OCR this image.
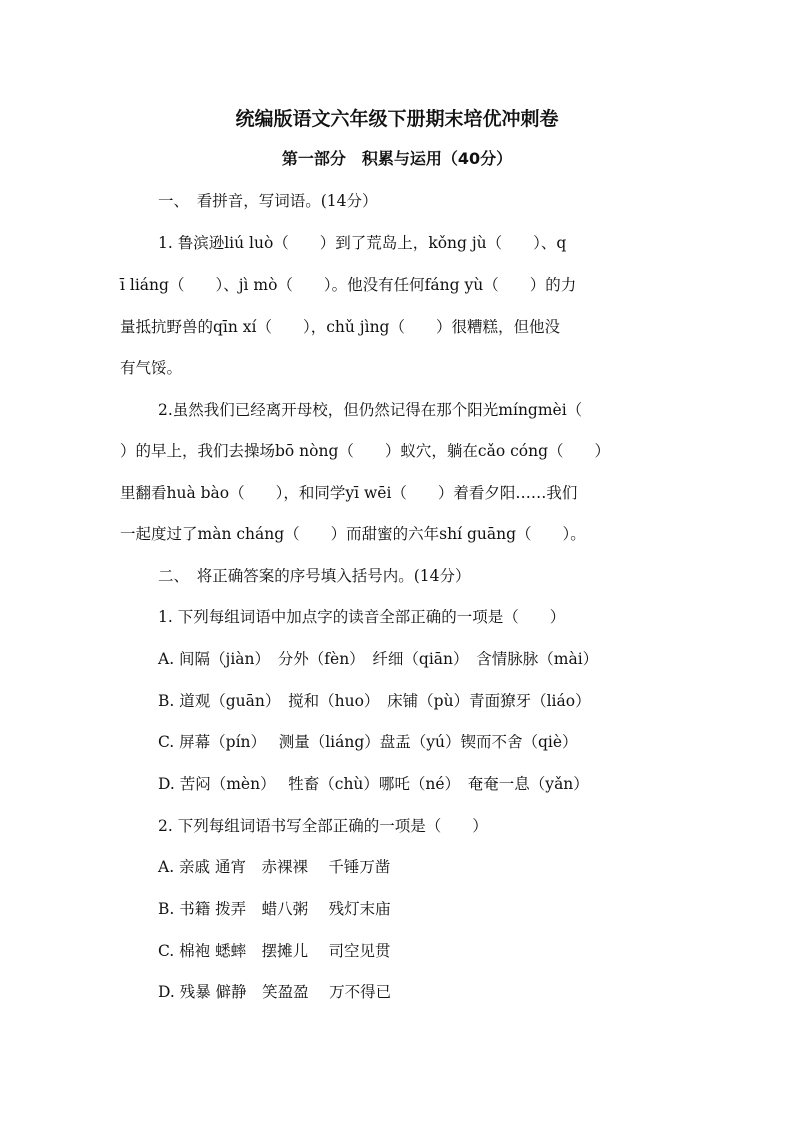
统编版语文六年级下册期末培优冲刺卷
第一部分　积累与运用（40分）
一、　看拼音，写词语。(14分）
1. 鲁滨逊liú luò（　　）到了荒岛上，kǒng jù（　　）、q
ī liáng（　　）、jì mò（　　）。他没有任何fáng yù（　　）的力
量抵抗野兽的qīn xí（　　），chǔ jìng（　　）很糟糕，但他没
有气馁。
2.虽然我们已经离开母校，但仍然记得在那个阳光míngmèi（
）的早上，我们去操场bō nòng（　　）蚁穴，躺在cǎo cóng（　　）
里翻看huà bào（　　），和同学yī wēi（　　）着看夕阳……我们
一起度过了màn cháng（　　）而甜蜜的六年shí guāng（　　）。
二、　将正确答案的序号填入括号内。(14分）
1. 下列每组词语中加点字的读音全部正确的一项是（　　）
A. 间隔（jiàn）　分外（fèn）　纤细（qiān）　含情脉脉（mài）
B. 道观（guān）　搅和（huo）　床铺（pù）青面獠牙（liáo）
C. 屏幕（pín）　 测量（liáng）盘盂（yú）锲而不舍（qiè）
D. 苦闷（mèn）　 牲畜（chù）哪吒（né）　奄奄一息（yǎn）
2. 下列每组词语书写全部正确的一项是（　　）
A. 亲戚 通宵　赤裸裸　 千锤万凿
B. 书籍 拨弄　蜡八粥　 残灯末庙
C. 棉袍 蟋蟀　摆摊儿　 司空见贯
D. 残暴 僻静　笑盈盈　 万不得已
